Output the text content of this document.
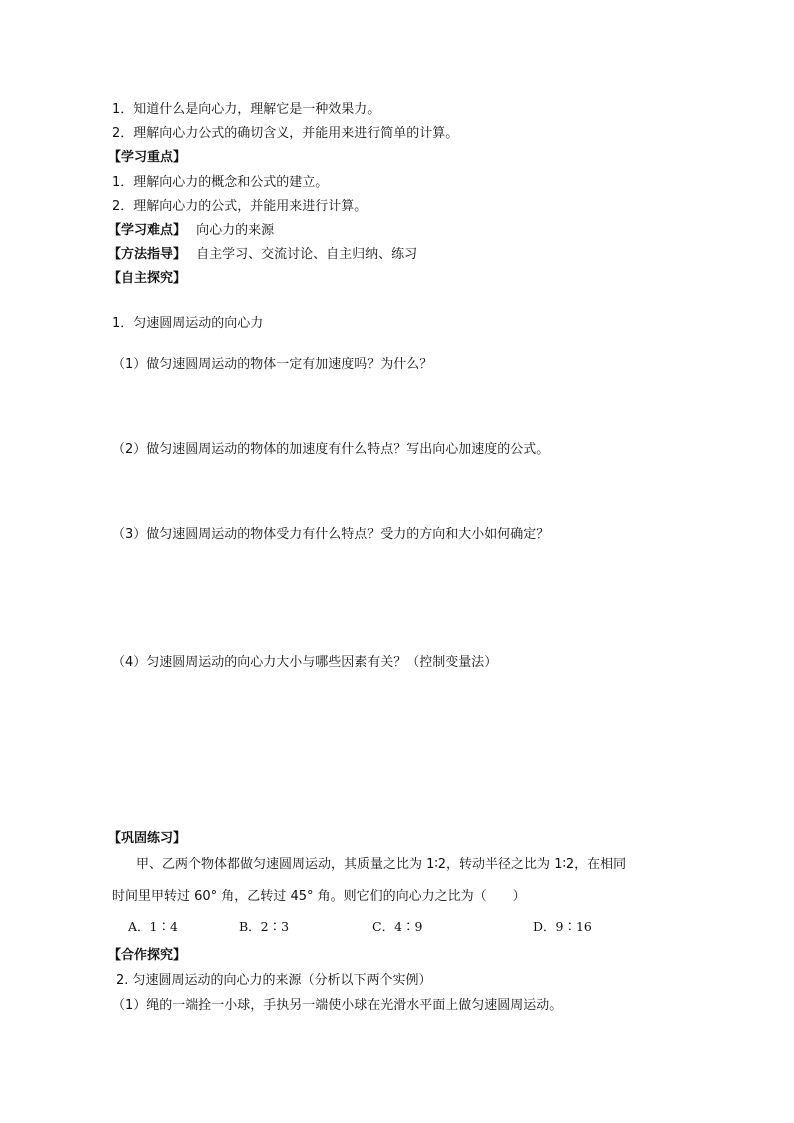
1．知道什么是向心力，理解它是一种效果力。
2．理解向心力公式的确切含义，并能用来进行简单的计算。
【学习重点】
1．理解向心力的概念和公式的建立。
2．理解向心力的公式，并能用来进行计算。
【学习难点】 向心力的来源
【方法指导】 自主学习、交流讨论、自主归纳、练习
【自主探究】
1．匀速圆周运动的向心力
（1）做匀速圆周运动的物体一定有加速度吗？为什么？
（2）做匀速圆周运动的物体的加速度有什么特点？写出向心加速度的公式。
（3）做匀速圆周运动的物体受力有什么特点？受力的方向和大小如何确定？
（4）匀速圆周运动的向心力大小与哪些因素有关？（控制变量法）
【巩固练习】
甲、乙两个物体都做匀速圆周运动，其质量之比为 1∶2，转动半径之比为 1∶2，在相同
时间里甲转过 60° 角，乙转过 45° 角。则它们的向心力之比为（　　）
A．1∶4	B．2∶3	C．4∶9	D．9∶16
【合作探究】
2. 匀速圆周运动的向心力的来源（分析以下两个实例）
（1）绳的一端拴一小球，手执另一端使小球在光滑水平面上做匀速圆周运动。
